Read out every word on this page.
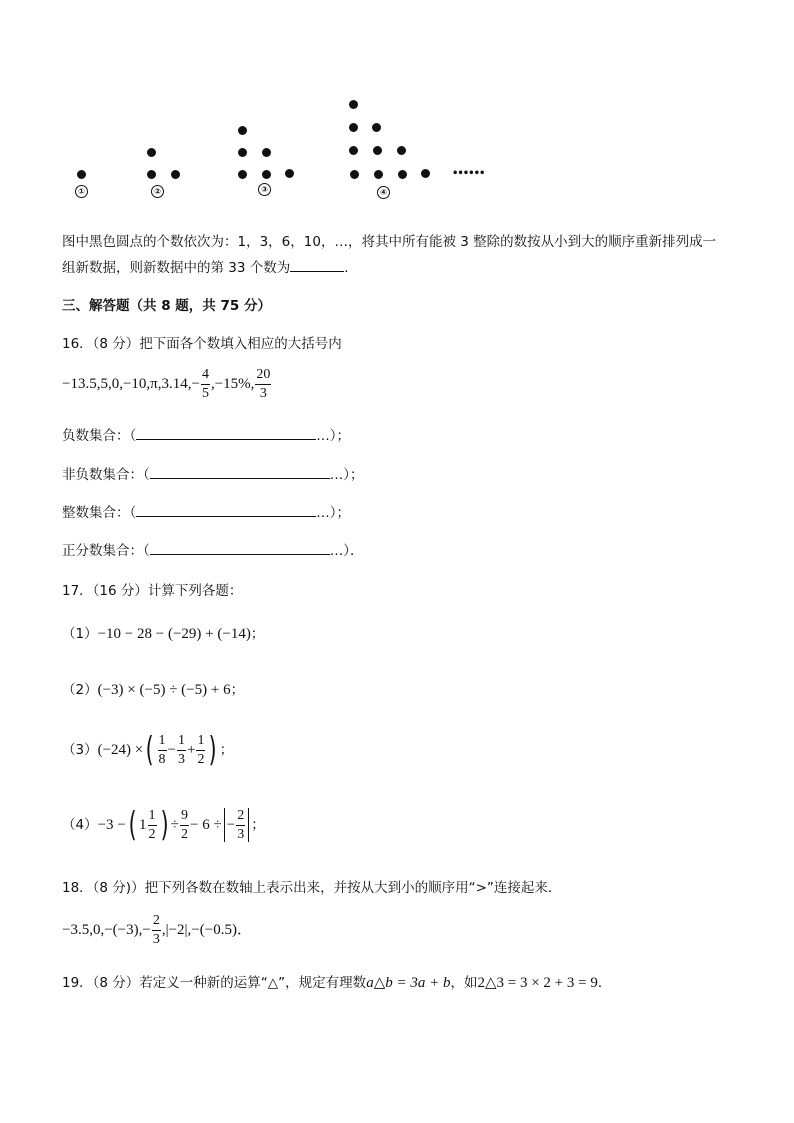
••••••
①	②	③	④
图中黑色圆点的个数依次为：1，3，6，10，…，将其中所有能被 3 整除的数按从小到大的顺序重新排列成一
组新数据，则新数据中的第 33 个数为	．
三、解答题（共 8 题，共 75 分）
16．（8 分）把下面各个数填入相应的大括号内
$-13.5,5,0,-10,\pi,3.14,- \frac{4}{5} ,-15\%$, $\frac{20}{3}$
负数集合：（	…）；
非负数集合：（	…）；
整数集合：（	…）；
正分数集合：（	…）．
17．（16 分）计算下列各题：
（1）−10 − 28 − (−29) + (−14)；
（2）(−3) × (−5) ÷ (−5) + 6；
（3）(−24) ×( $\frac{1}{8} - \frac{1}{3} + \frac{1}{2}$ ) ；
（4）−3 −( $1 \frac{1}{2}$ ) ÷ $\frac{9}{2} - 6$ ÷ − $\frac{2}{3}$ ；
18．（8 分)）把下列各数在数轴上表示出来，并按从大到小的顺序用“>”连接起来．
$-3.5,0,-(-3),- \frac{2}{3} ,|-2|,-(-0.5)$．
19．（8 分）若定义一种新的运算“△”，规定有理数a△b = 3a + b，如2△3 = 3 × 2 + 3 = 9．
